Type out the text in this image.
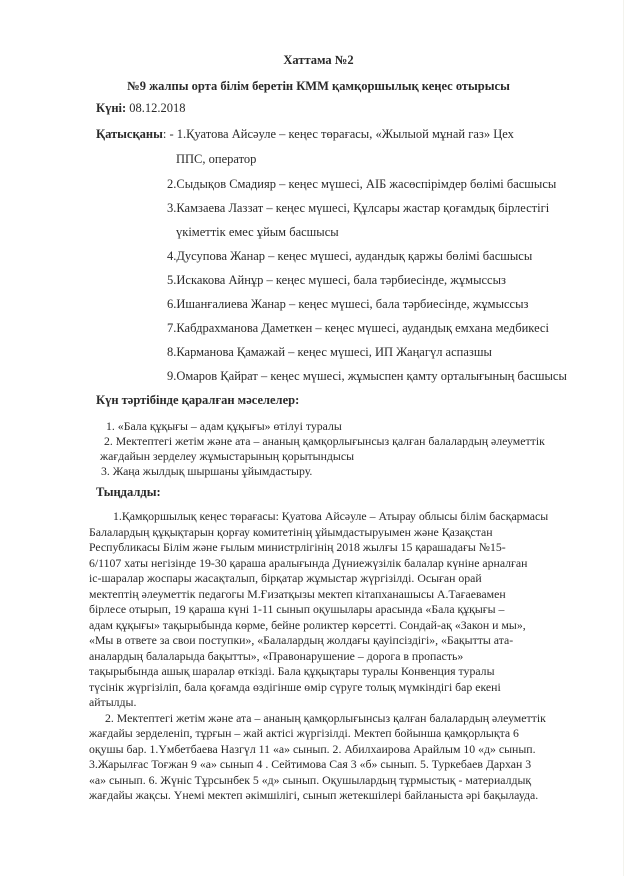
Хаттама №2
№9 жалпы орта білім беретін КММ қамқоршылық кеңес отырысы
Күні: 08.12.2018
Қатысқаны: - 1.Қуатова Айсәуле – кеңес төрағасы, «Жылыой мұнай газ» Цех
ППС, оператор
2.Сыдықов Смадияр – кеңес мүшесі, АІБ жасөспірімдер бөлімі басшысы
3.Камзаева Лаззат – кеңес мүшесі, Құлсары жастар қоғамдық бірлестігі
үкіметтік емес ұйым басшысы
4.Дусупова Жанар – кеңес мүшесі, аудандық қаржы бөлімі басшысы
5.Искакова Айнұр – кеңес мүшесі, бала тәрбиесінде, жұмыссыз
6.Ишанғалиева Жанар – кеңес мүшесі, бала тәрбиесінде, жұмыссыз
7.Кабдрахманова Даметкен – кеңес мүшесі, аудандық емхана медбикесі
8.Карманова Қамажай – кеңес мүшесі, ИП Жаңагүл аспазшы
9.Омаров Қайрат – кеңес мүшесі, жұмыспен қамту орталығының басшысы
Күн тәртібінде қаралған мәселелер:
1. «Бала құқығы – адам құқығы» өтілуі туралы
2. Мектептегі жетім және ата – ананың қамқорлығынсыз қалған балалардың әлеуметтік
жағдайын зерделеу жұмыстарының қорытындысы
3. Жаңа жылдық шыршаны ұйымдастыру.
Тыңдалды:
1.Қамқоршылық кеңес төрағасы: Қуатова Айсәуле – Атырау облысы білім басқармасы
Балалардың құқықтарын қорғау комитетінің ұйымдастыруымен және Қазақстан
Республикасы Білім және ғылым министрлігінің 2018 жылғы 15 қарашадағы №15-
6/1107 хаты негізінде 19-30 қараша аралығында Дүниежүзілік балалар күніне арналған
іс-шаралар жоспары жасақталып, бірқатар жұмыстар жүргізілді. Осыған орай
мектептің әлеуметтік педагогы М.Ғизатқызы мектеп кітапханашысы А.Тағаевамен
бірлесе отырып, 19 қараша күні 1-11 сынып оқушылары арасында «Бала құқығы –
адам құқығы» тақырыбында көрме, бейне роликтер көрсетті. Сондай-ақ «Закон и мы»,
«Мы в ответе за свои поступки», «Балалардың жолдағы қауіпсіздігі», «Бақытты ата-
аналардың балаларыда бақытты», «Правонарушение – дорога в пропасть»
тақырыбында ашық шаралар өткізді. Бала құқықтары туралы Конвенция туралы
түсінік жүргізіліп, бала қоғамда өздігінше өмір сүруге толық мүмкіндігі бар екені
айтылды.
2. Мектептегі жетім және ата – ананың қамқорлығынсыз қалған балалардың әлеуметтік
жағдайы зерделеніп, тұрғын – жай актісі жүргізілді. Мектеп бойынша қамқорлықта 6
оқушы бар. 1.Үмбетбаева Назгүл 11 «а» сынып. 2. Абилхаирова Арайлым 10 «д» сынып.
3.Жарылғас Тоғжан 9 «а» сынып 4 . Сейтимова Сая 3 «б» сынып. 5. Туркебаев Дархан 3
«а» сынып. 6. Жүніс Тұрсынбек 5 «д» сынып. Оқушылардың тұрмыстық - материалдық
жағдайы жақсы. Үнемі мектеп әкімшілігі, сынып жетекшілері байланыста әрі бақылауда.
